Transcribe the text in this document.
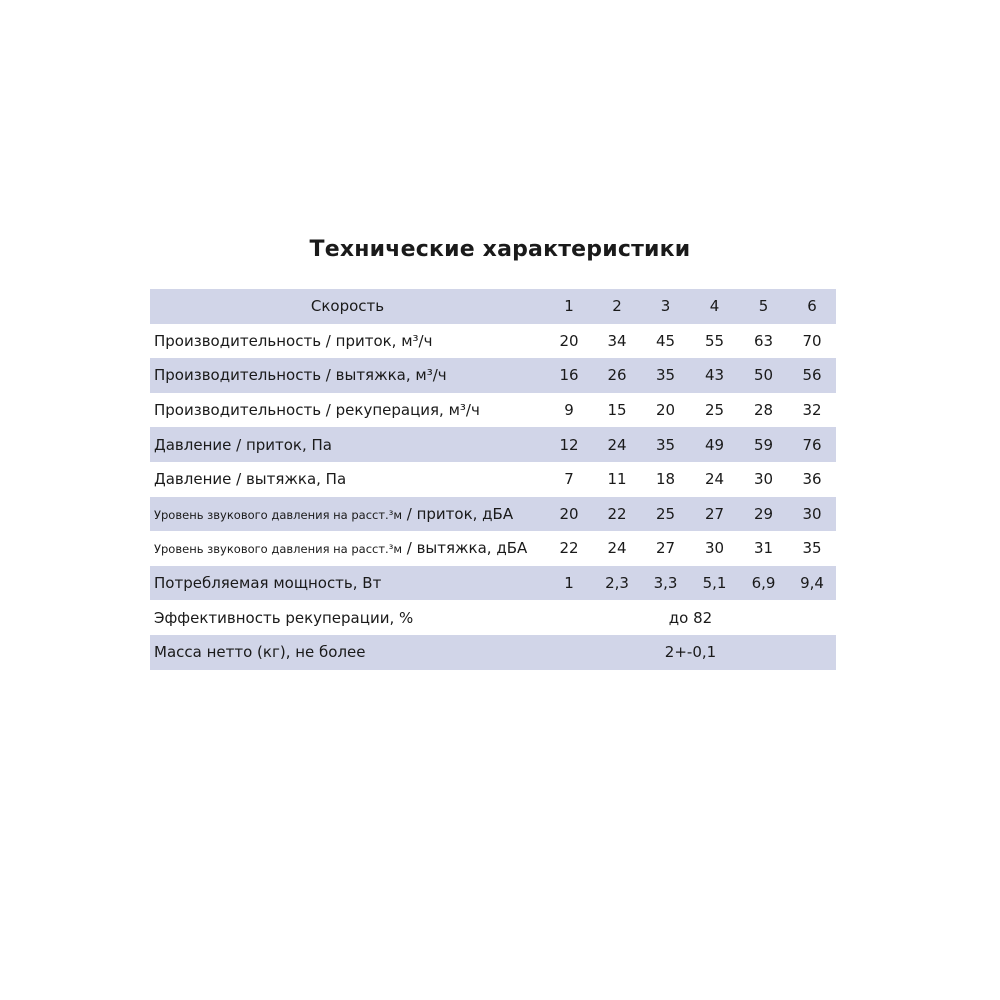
Технические характеристики
Скорость	1	2	3	4	5	6
Производительность / приток, м³/ч	20	34	45	55	63	70
Производительность / вытяжка, м³/ч	16	26	35	43	50	56
Производительность / рекуперация, м³/ч	9	15	20	25	28	32
Давление / приток, Па	12	24	35	49	59	76
Давление / вытяжка, Па	7	11	18	24	30	36
Уровень звукового давления на расст.³м / приток, дБА	20	22	25	27	29	30
Уровень звукового давления на расст.³м / вытяжка, дБА	22	24	27	30	31	35
Потребляемая мощность, Вт	1	2,3	3,3	5,1	6,9	9,4
Эффективность рекуперации, %	до 82					
Масса нетто (кг), не более	2+-0,1					
